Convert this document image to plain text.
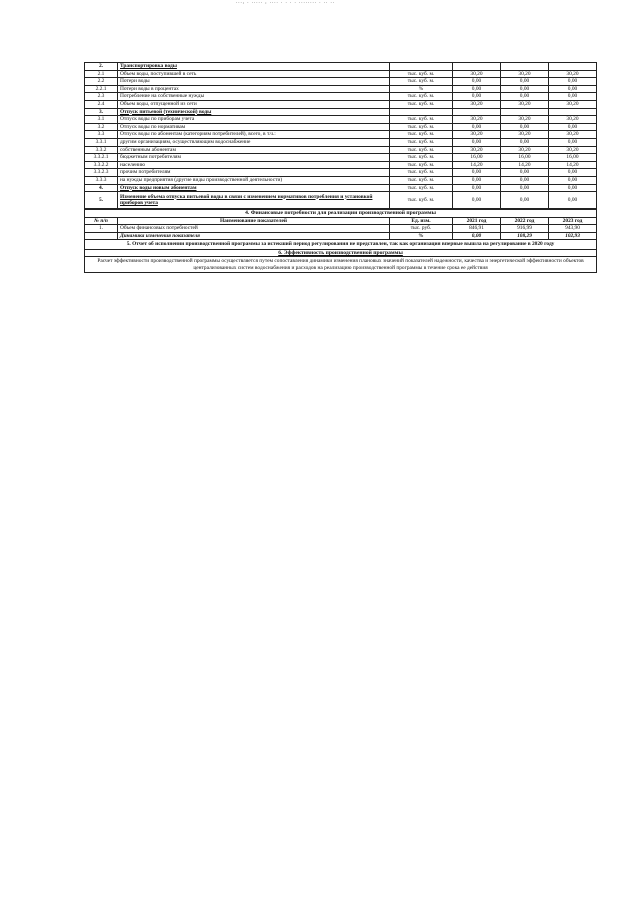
..., . ..... , .... . . . . ........ . .. ..
2.	Транспортировка воды				
2.1	Объем воды, поступившей в сеть	тыс. куб. м.	30,20	30,20	30,20
2.2	Потери воды	тыс. куб. м.	0,00	0,00	0,00
2.2.1	Потери воды в процентах	%	0,00	0,00	0,00
2.3	Потребление на собственные нужды	тыс. куб. м.	0,00	0,00	0,00
2.4	Объем воды, отпущенной из сети	тыс. куб. м.	30,20	30,20	30,20
3.	Отпуск питьевой (технической) воды				
3.1	Отпуск воды по приборам учета	тыс. куб. м.	30,20	30,20	30,20
3.2	Отпуск воды по нормативам	тыс. куб. м.	0,00	0,00	0,00
3.3	Отпуск воды по абонентам (категориям потребителей), всего, в т.ч.:	тыс. куб. м.	30,20	30,20	30,20
3.3.1	другим организациям, осуществляющим водоснабжение	тыс. куб. м.	0,00	0,00	0,00
3.3.2	собственным абонентам	тыс. куб. м.	30,20	30,20	30,20
3.3.2.1	бюджетным потребителям	тыс. куб. м.	16,00	16,00	16,00
3.3.2.2	населению	тыс. куб. м.	14,20	14,20	14,20
3.3.2.3	прочим потребителям	тыс. куб. м.	0,00	0,00	0,00
3.3.3	на нужды предприятия (другие виды производственной деятельности)	тыс. куб. м.	0,00	0,00	0,00
4.	Отпуск воды новым абонентам	тыс. куб. м.	0,00	0,00	0,00
5.	Изменение объема отпуска питьевой воды в связи с изменением нормативов потребления и установкой приборов учета	тыс. куб. м.	0,00	0,00	0,00
4. Финансовые потребности для реализации производственной программы					
№ п/п	Наименование показателей	Ед. изм.	2021 год	2022 год	2023 год
1.	Объем финансовых потребностей	тыс. руб.	846,91	916,99	943,90
	Динамика изменения показателя	%	0,00	108,29	102,93
5. Отчет об исполнении производственной программы за истекший период регулирования не представлен, так как организация впервые вышла на регулирование в 2020 году					
6. Эффективность производственной программы					
Расчет эффективности производственной программы осуществляется путем сопоставления динамики изменения плановых значений показателей надежности, качества и энергетической эффективности объектов централизованных систем водоснабжения и расходов на реализацию производственной программы в течение срока ее действия					
